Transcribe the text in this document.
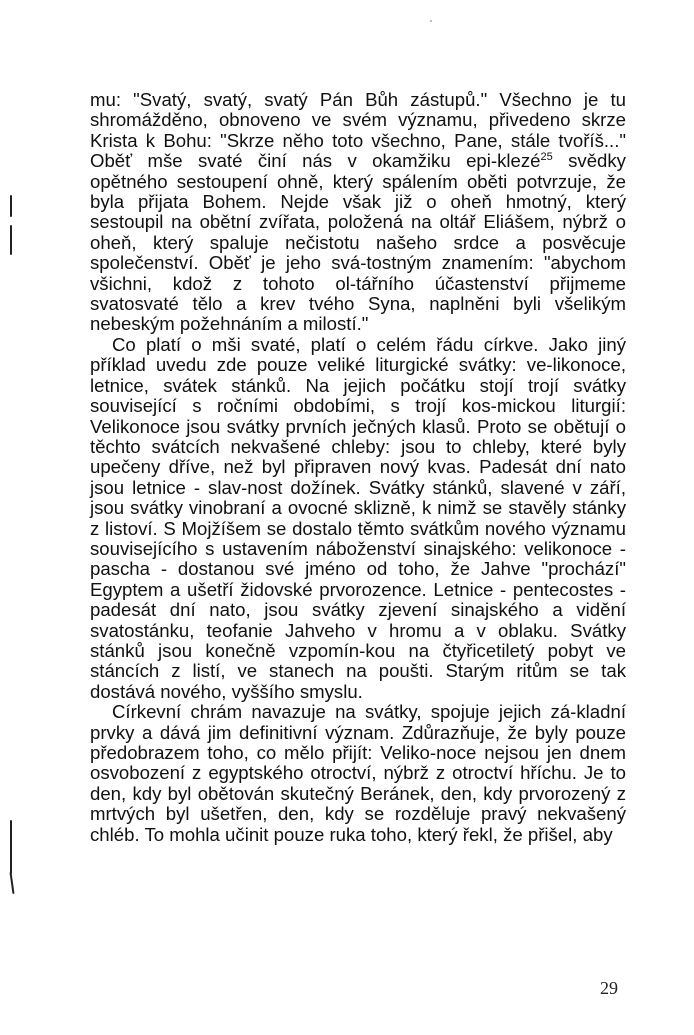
mu: "Svatý, svatý, svatý Pán Bůh zástupů." Všechno je tu shromážděno, obnoveno ve svém významu, přivedeno skrze Krista k Bohu: "Skrze něho toto všechno, Pane, stále tvoříš..." Oběť mše svaté činí nás v okamžiku epi-klezé$^{25}$ svědky opětného sestoupení ohně, který spálením oběti potvrzuje, že byla přijata Bohem. Nejde však již o oheň hmotný, který sestoupil na obětní zvířata, položená na oltář Eliášem, nýbrž o oheň, který spaluje nečistotu našeho srdce a posvěcuje společenství. Oběť je jeho svá-tostným znamením: "abychom všichni, kdož z tohoto ol-tářního účastenství přijmeme svatosvaté tělo a krev tvého Syna, naplněni byli všelikým nebeským požehnáním a milostí."

Co platí o mši svaté, platí o celém řádu církve. Jako jiný příklad uvedu zde pouze veliké liturgické svátky: ve-likonoce, letnice, svátek stánků. Na jejich počátku stojí trojí svátky související s ročními obdobími, s trojí kos-mickou liturgií: Velikonoce jsou svátky prvních ječných klasů. Proto se obětují o těchto svátcích nekvašené chleby: jsou to chleby, které byly upečeny dříve, než byl připraven nový kvas. Padesát dní nato jsou letnice - slav-nost dožínek. Svátky stánků, slavené v září, jsou svátky vinobraní a ovocné sklizně, k nimž se stavěly stánky z listoví. S Mojžíšem se dostalo těmto svátkům nového významu souvisejícího s ustavením náboženství sinajského: velikonoce - pascha - dostanou své jméno od toho, že Jahve "prochází" Egyptem a ušetří židovské prvorozence. Letnice - pentecostes - padesát dní nato, jsou svátky zjevení sinajského a vidění svatostánku, teofanie Jahveho v hromu a v oblaku. Svátky stánků jsou konečně vzpomín-kou na čtyřicetiletý pobyt ve stáncích z listí, ve stanech na poušti. Starým ritům se tak dostává nového, vyššího smyslu.

Církevní chrám navazuje na svátky, spojuje jejich zá-kladní prvky a dává jim definitivní význam. Zdůrazňuje, že byly pouze předobrazem toho, co mělo přijít: Veliko-noce nejsou jen dnem osvobození z egyptského otroctví, nýbrž z otroctví hříchu. Je to den, kdy byl obětován skutečný Beránek, den, kdy prvorozený z mrtvých byl ušetřen, den, kdy se rozděluje pravý nekvašený chléb. To mohla učinit pouze ruka toho, který řekl, že přišel, aby

29
